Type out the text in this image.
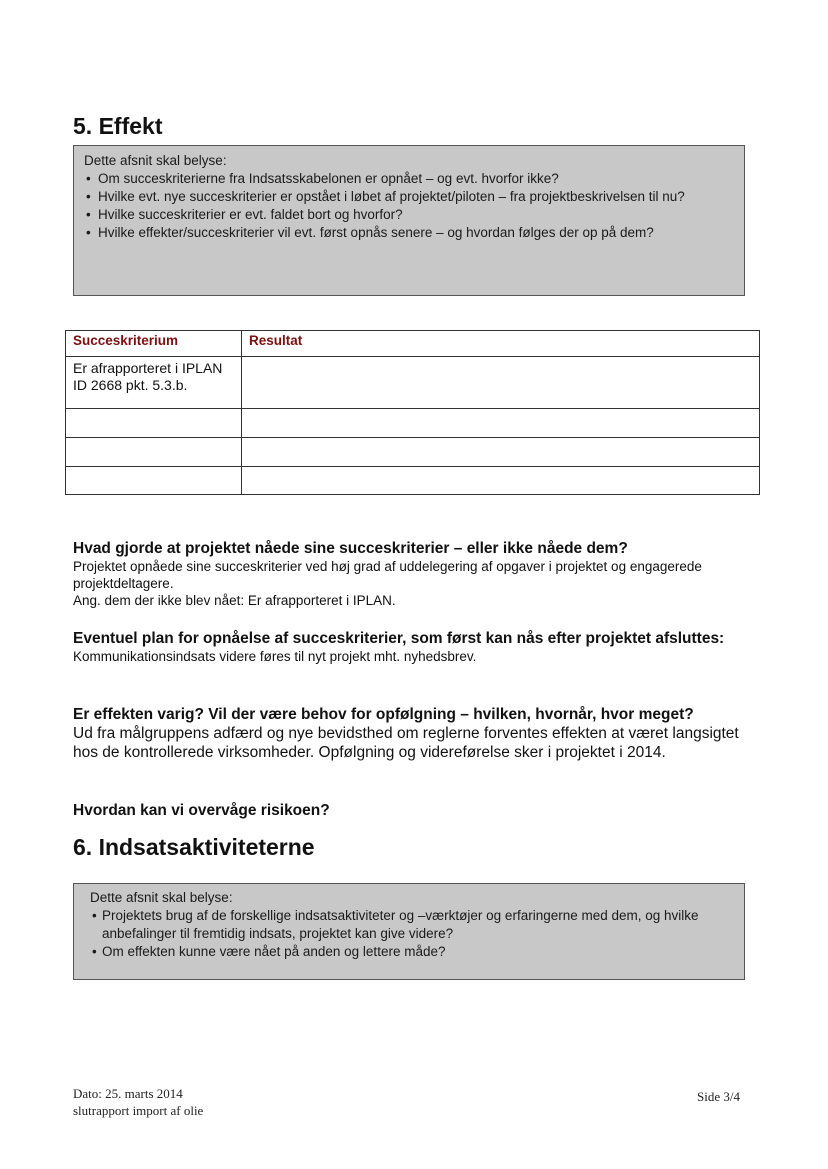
5. Effekt
Dette afsnit skal belyse:
• Om succeskriterierne fra Indsatsskabelonen er opnået – og evt. hvorfor ikke?
• Hvilke evt. nye succeskriterier er opstået i løbet af projektet/piloten – fra projektbeskrivelsen til nu?
• Hvilke succeskriterier er evt. faldet bort og hvorfor?
• Hvilke effekter/succeskriterier vil evt. først opnås senere – og hvordan følges der op på dem?
Succeskriterium	Resultat
Er afrapporteret i IPLAN ID 2668 pkt. 5.3.b.	

Hvad gjorde at projektet nåede sine succeskriterier – eller ikke nåede dem?
Projektet opnåede sine succeskriterier ved høj grad af uddelegering af opgaver i projektet og engagerede projektdeltagere.
Ang. dem der ikke blev nået: Er afrapporteret i IPLAN.
Eventuel plan for opnåelse af succeskriterier, som først kan nås efter projektet afsluttes:
Kommunikationsindsats videre føres til nyt projekt mht. nyhedsbrev.
Er effekten varig? Vil der være behov for opfølgning – hvilken, hvornår, hvor meget?
Ud fra målgruppens adfærd og nye bevidsthed om reglerne forventes effekten at været langsigtet hos de kontrollerede virksomheder. Opfølgning og videreførelse sker i projektet i 2014.
Hvordan kan vi overvåge risikoen?
6. Indsatsaktiviteterne
Dette afsnit skal belyse:
• Projektets brug af de forskellige indsatsaktiviteter og –værktøjer og erfaringerne med dem, og hvilke anbefalinger til fremtidig indsats, projektet kan give videre?
• Om effekten kunne være nået på anden og lettere måde?
Dato: 25. marts 2014
slutrapport import af olie
Side 3/4
